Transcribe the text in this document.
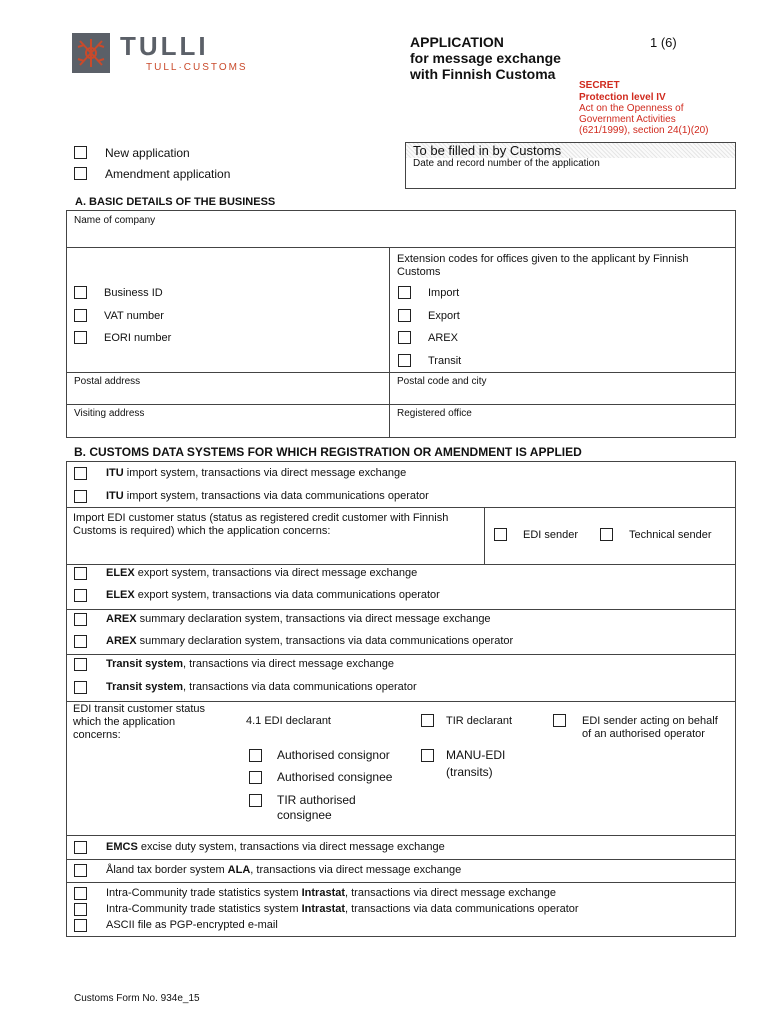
TULLI
TULL·CUSTOMS
APPLICATION
for message exchange
with Finnish Customa
1 (6)
SECRET
Protection level IV
Act on the Openness of
Government Activities
(621/1999), section 24(1)(20)
New application
Amendment application
To be filled in by Customs
Date and record number of the application
A. BASIC DETAILS OF THE BUSINESS
Name of company
Extension codes for offices given to the applicant by Finnish
Customs
Business ID
VAT number
EORI number
Import
Export
AREX
Transit
Postal address	Postal code and city
Visiting address	Registered office
B. CUSTOMS DATA SYSTEMS FOR WHICH REGISTRATION OR AMENDMENT IS APPLIED
ITU import system, transactions via direct message exchange
ITU import system, transactions via data communications operator
Import EDI customer status (status as registered credit customer with Finnish
Customs is required) which the application concerns:	EDI sender	Technical sender
ELEX export system, transactions via direct message exchange
ELEX export system, transactions via data communications operator
AREX summary declaration system, transactions via direct message exchange
AREX summary declaration system, transactions via data communications operator
Transit system, transactions via direct message exchange
Transit system, transactions via data communications operator
EDI transit customer status
which the application
concerns:
4.1 EDI declarant	TIR declarant	EDI sender acting on behalf
of an authorised operator
Authorised consignor
Authorised consignee
TIR authorised
consignee
MANU-EDI
(transits)
EMCS excise duty system, transactions via direct message exchange
Åland tax border system ALA, transactions via direct message exchange
Intra-Community trade statistics system Intrastat, transactions via direct message exchange
Intra-Community trade statistics system Intrastat, transactions via data communications operator
ASCII file as PGP-encrypted e-mail
Customs Form No. 934e_15
